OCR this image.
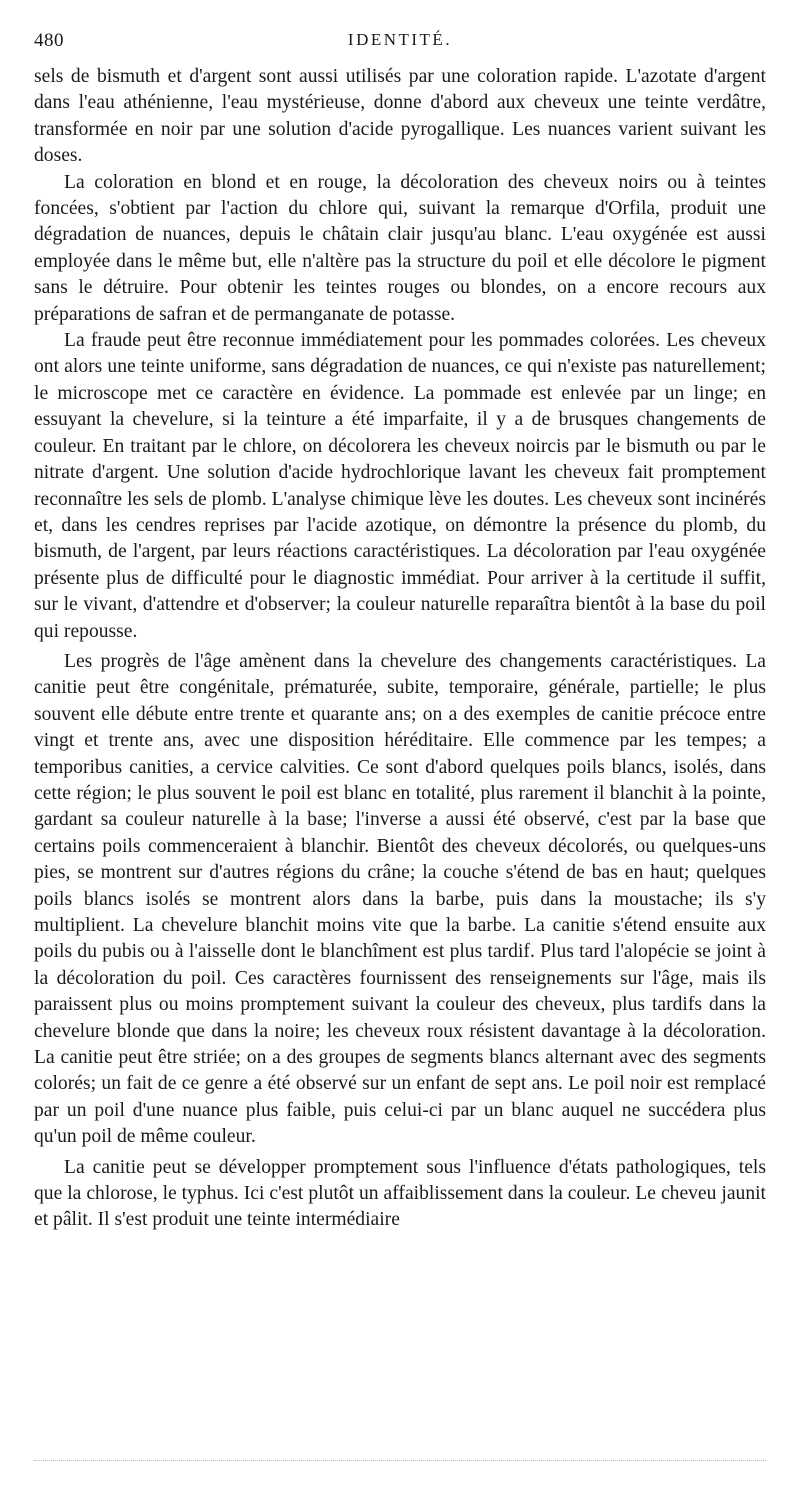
480	IDENTITÉ.

sels de bismuth et d'argent sont aussi utilisés par une coloration rapide. L'azotate d'argent dans l'eau athénienne, l'eau mystérieuse, donne d'abord aux cheveux une teinte verdâtre, transformée en noir par une solution d'acide pyrogallique. Les nuances varient suivant les doses.

La coloration en blond et en rouge, la décoloration des cheveux noirs ou à teintes foncées, s'obtient par l'action du chlore qui, suivant la remarque d'Orfila, produit une dégradation de nuances, depuis le châtain clair jusqu'au blanc. L'eau oxygénée est aussi employée dans le même but, elle n'altère pas la structure du poil et elle décolore le pigment sans le détruire. Pour obtenir les teintes rouges ou blondes, on a encore recours aux préparations de safran et de permanganate de potasse.

La fraude peut être reconnue immédiatement pour les pommades colorées. Les cheveux ont alors une teinte uniforme, sans dégradation de nuances, ce qui n'existe pas naturellement; le microscope met ce caractère en évidence. La pommade est enlevée par un linge; en essuyant la chevelure, si la teinture a été imparfaite, il y a de brusques changements de couleur. En traitant par le chlore, on décolorera les cheveux noircis par le bismuth ou par le nitrate d'argent. Une solution d'acide hydrochlorique lavant les cheveux fait promptement reconnaître les sels de plomb. L'analyse chimique lève les doutes. Les cheveux sont incinérés et, dans les cendres reprises par l'acide azotique, on démontre la présence du plomb, du bismuth, de l'argent, par leurs réactions caractéristiques. La décoloration par l'eau oxygénée présente plus de difficulté pour le diagnostic immédiat. Pour arriver à la certitude il suffit, sur le vivant, d'attendre et d'observer; la couleur naturelle reparaîtra bientôt à la base du poil qui repousse.

Les progrès de l'âge amènent dans la chevelure des changements caractéristiques. La canitie peut être congénitale, prématurée, subite, temporaire, générale, partielle; le plus souvent elle débute entre trente et quarante ans; on a des exemples de canitie précoce entre vingt et trente ans, avec une disposition héréditaire. Elle commence par les tempes; a temporibus canities, a cervice calvities. Ce sont d'abord quelques poils blancs, isolés, dans cette région; le plus souvent le poil est blanc en totalité, plus rarement il blanchit à la pointe, gardant sa couleur naturelle à la base; l'inverse a aussi été observé, c'est par la base que certains poils commenceraient à blanchir. Bientôt des cheveux décolorés, ou quelques-uns pies, se montrent sur d'autres régions du crâne; la couche s'étend de bas en haut; quelques poils blancs isolés se montrent alors dans la barbe, puis dans la moustache; ils s'y multiplient. La chevelure blanchit moins vite que la barbe. La canitie s'étend ensuite aux poils du pubis ou à l'aisselle dont le blanchîment est plus tardif. Plus tard l'alopécie se joint à la décoloration du poil. Ces caractères fournissent des renseignements sur l'âge, mais ils paraissent plus ou moins promptement suivant la couleur des cheveux, plus tardifs dans la chevelure blonde que dans la noire; les cheveux roux résistent davantage à la décoloration. La canitie peut être striée; on a des groupes de segments blancs alternant avec des segments colorés; un fait de ce genre a été observé sur un enfant de sept ans. Le poil noir est remplacé par un poil d'une nuance plus faible, puis celui-ci par un blanc auquel ne succédera plus qu'un poil de même couleur.

La canitie peut se développer promptement sous l'influence d'états pathologiques, tels que la chlorose, le typhus. Ici c'est plutôt un affaiblissement dans la couleur. Le cheveu jaunit et pâlit. Il s'est produit une teinte intermédiaire
